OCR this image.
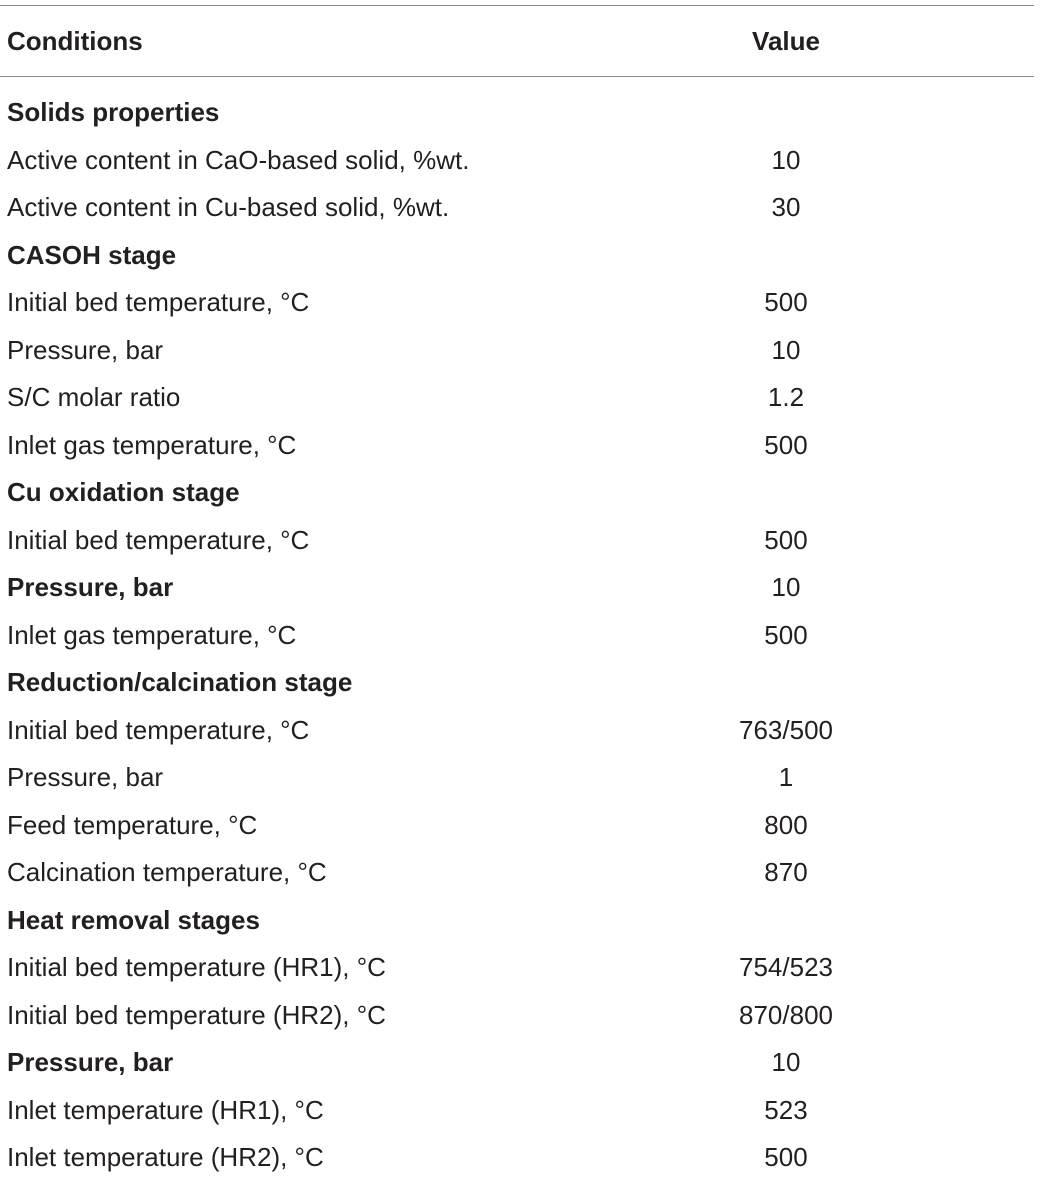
Conditions	Value
Solids properties
Active content in CaO-based solid, %wt.	10
Active content in Cu-based solid, %wt.	30
CASOH stage
Initial bed temperature, °C	500
Pressure, bar	10
S/C molar ratio	1.2
Inlet gas temperature, °C	500
Cu oxidation stage
Initial bed temperature, °C	500
Pressure, bar	10
Inlet gas temperature, °C	500
Reduction/calcination stage
Initial bed temperature, °C	763/500
Pressure, bar	1
Feed temperature, °C	800
Calcination temperature, °C	870
Heat removal stages
Initial bed temperature (HR1), °C	754/523
Initial bed temperature (HR2), °C	870/800
Pressure, bar	10
Inlet temperature (HR1), °C	523
Inlet temperature (HR2), °C	500
